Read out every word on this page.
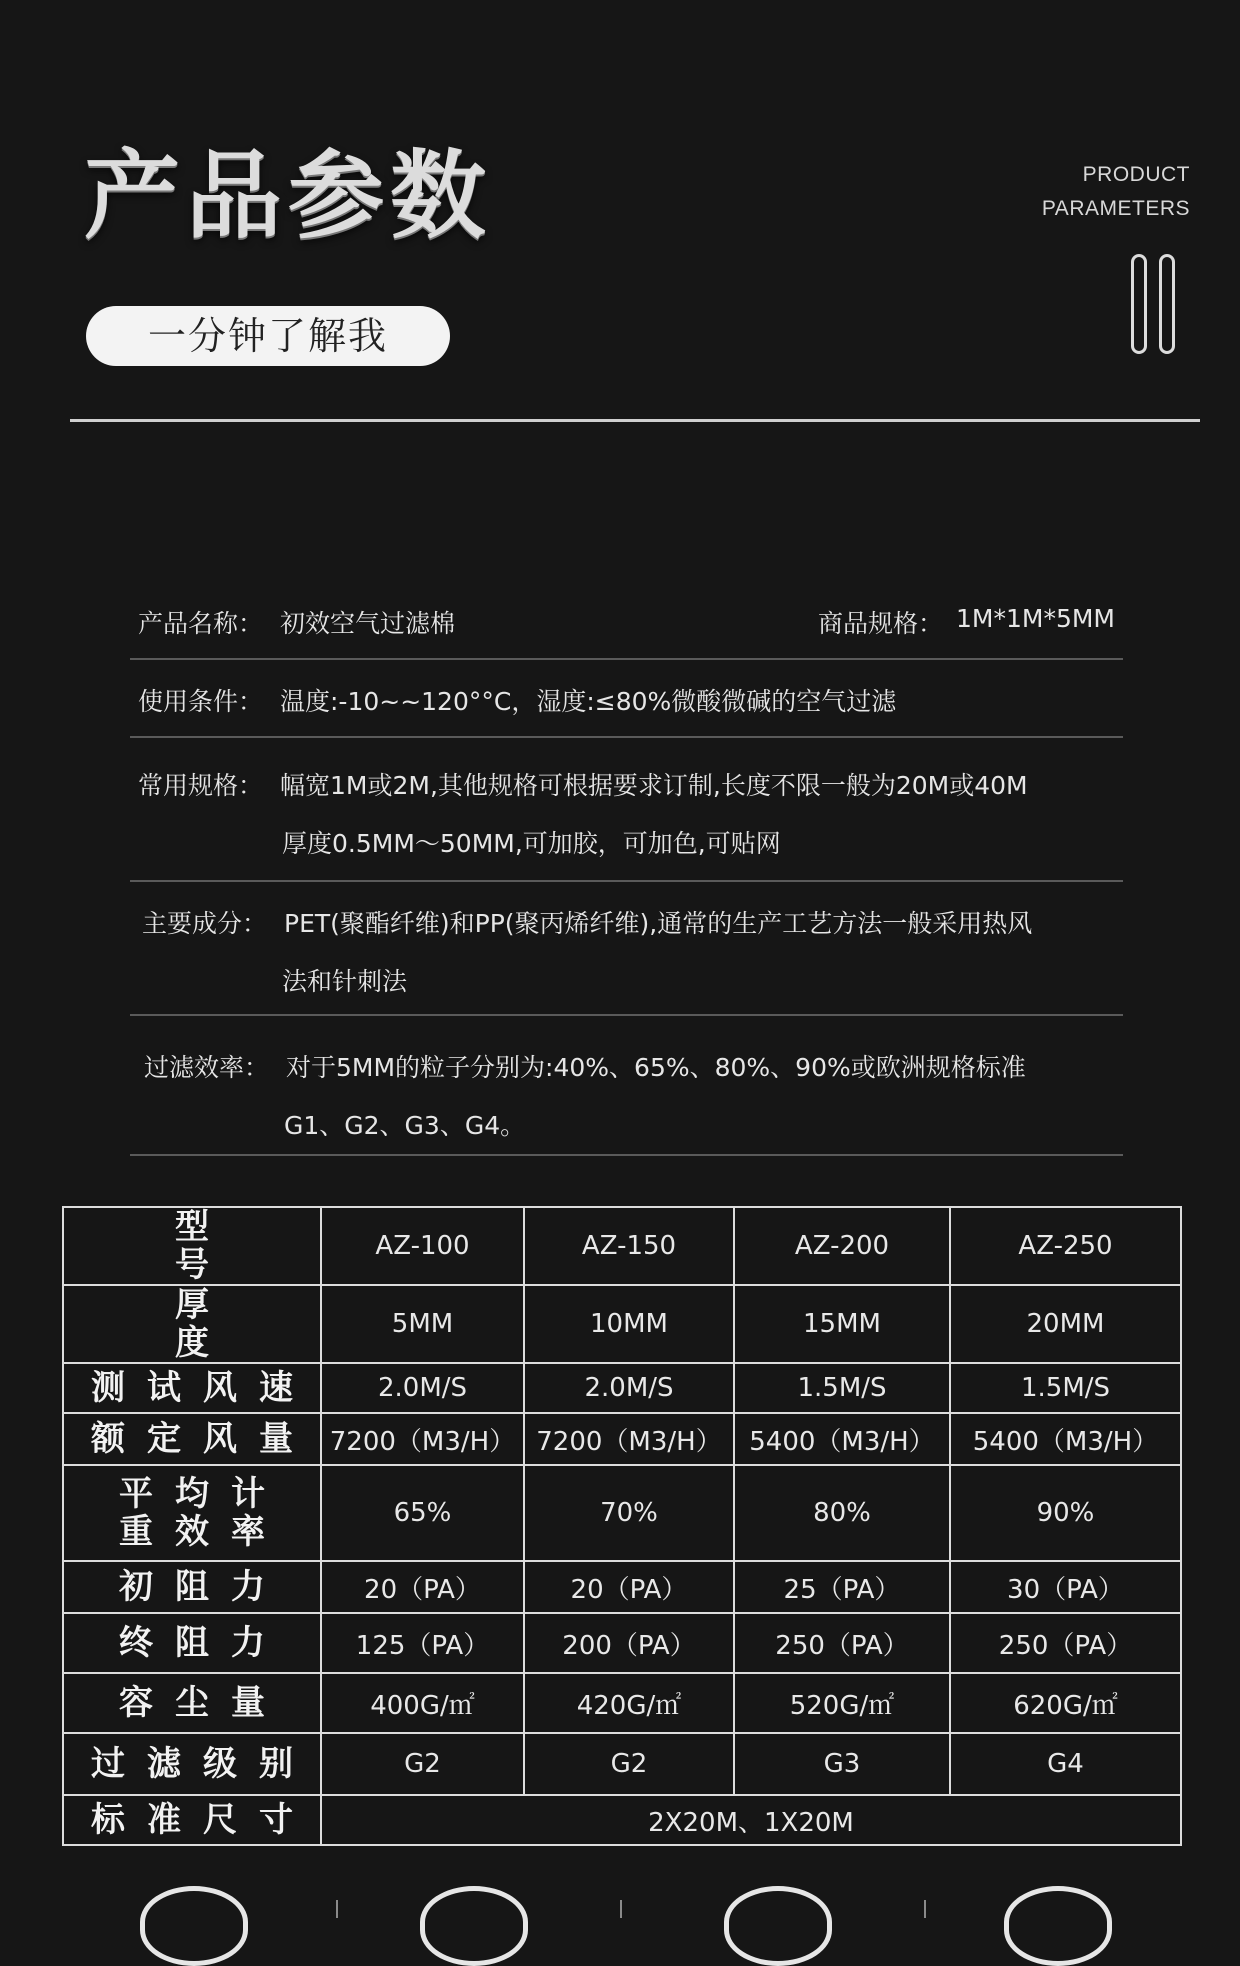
产品参数
一分钟了解我
PRODUCT
PARAMETERS
产品名称： 初效空气过滤棉	商品规格： 1M*1M*5MM
使用条件： 温度:-10~~120°°C，湿度:≤80%微酸微碱的空气过滤
常用规格： 幅宽1M或2M,其他规格可根据要求订制,长度不限一般为20M或40M
厚度0.5MM～50MM,可加胶，可加色,可贴网
主要成分： PET(聚酯纤维)和PP(聚丙烯纤维),通常的生产工艺方法一般采用热风
法和针刺法
过滤效率： 对于5MM的粒子分别为:40%、65%、80%、90%或欧洲规格标准
G1、G2、G3、G4。
型号	AZ-100	AZ-150	AZ-200	AZ-250
厚度	5MM	10MM	15MM	20MM
测试风速	2.0M/S	2.0M/S	1.5M/S	1.5M/S
额定风量	7200（M3/H）	7200（M3/H）	5400（M3/H）	5400（M3/H）
平均计重效率	65%	70%	80%	90%
初阻力	20（PA）	20（PA）	25（PA）	30（PA）
终阻力	125（PA）	200（PA）	250（PA）	250（PA）
容尘量	400G/㎡	420G/㎡	520G/㎡	620G/㎡
过滤级别	G2	G2	G3	G4
标准尺寸	2X20M、1X20M			
